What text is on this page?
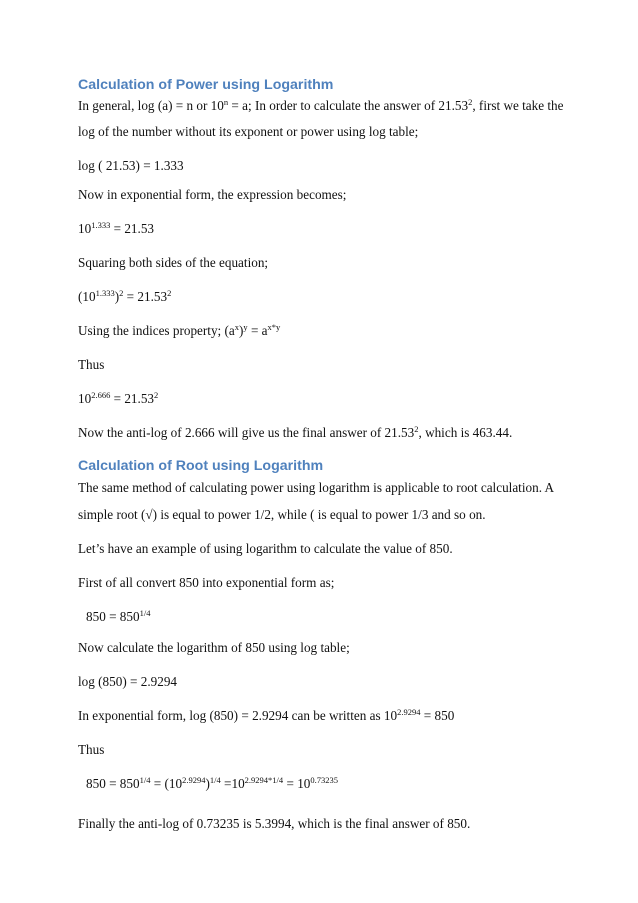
Calculation of Power using Logarithm
In general, log (a) = n or $10^n = a$; In order to calculate the answer of 21.53$^2$, first we take the
log of the number without its exponent or power using log table;
log ( 21.53) = 1.333
Now in exponential form, the expression becomes;
$10^{1.333} = 21.53$
Squaring both sides of the equation;
$(10^{1.333})^2 = 21.53^2$
Using the indices property; $(a^x)^y = a^{x*y}$
Thus
$10^{2.666} = 21.53^2$
Now the anti-log of 2.666 will give us the final answer of 21.53$^2$, which is 463.44.
Calculation of Root using Logarithm
The same method of calculating power using logarithm is applicable to root calculation. A
simple root (√) is equal to power 1/2, while ( is equal to power 1/3 and so on.
Let’s have an example of using logarithm to calculate the value of 850.
First of all convert 850 into exponential form as;
$850 = 850^{1/4}$
Now calculate the logarithm of 850 using log table;
log (850) = 2.9294
In exponential form, log (850) = 2.9294 can be written as $10^{2.9294} = 850$
Thus
$850 = 850^{1/4} = (10^{2.9294})^{1/4} =10^{2.9294*1/4} = 10^{0.73235}$
Finally the anti-log of 0.73235 is 5.3994, which is the final answer of 850.
